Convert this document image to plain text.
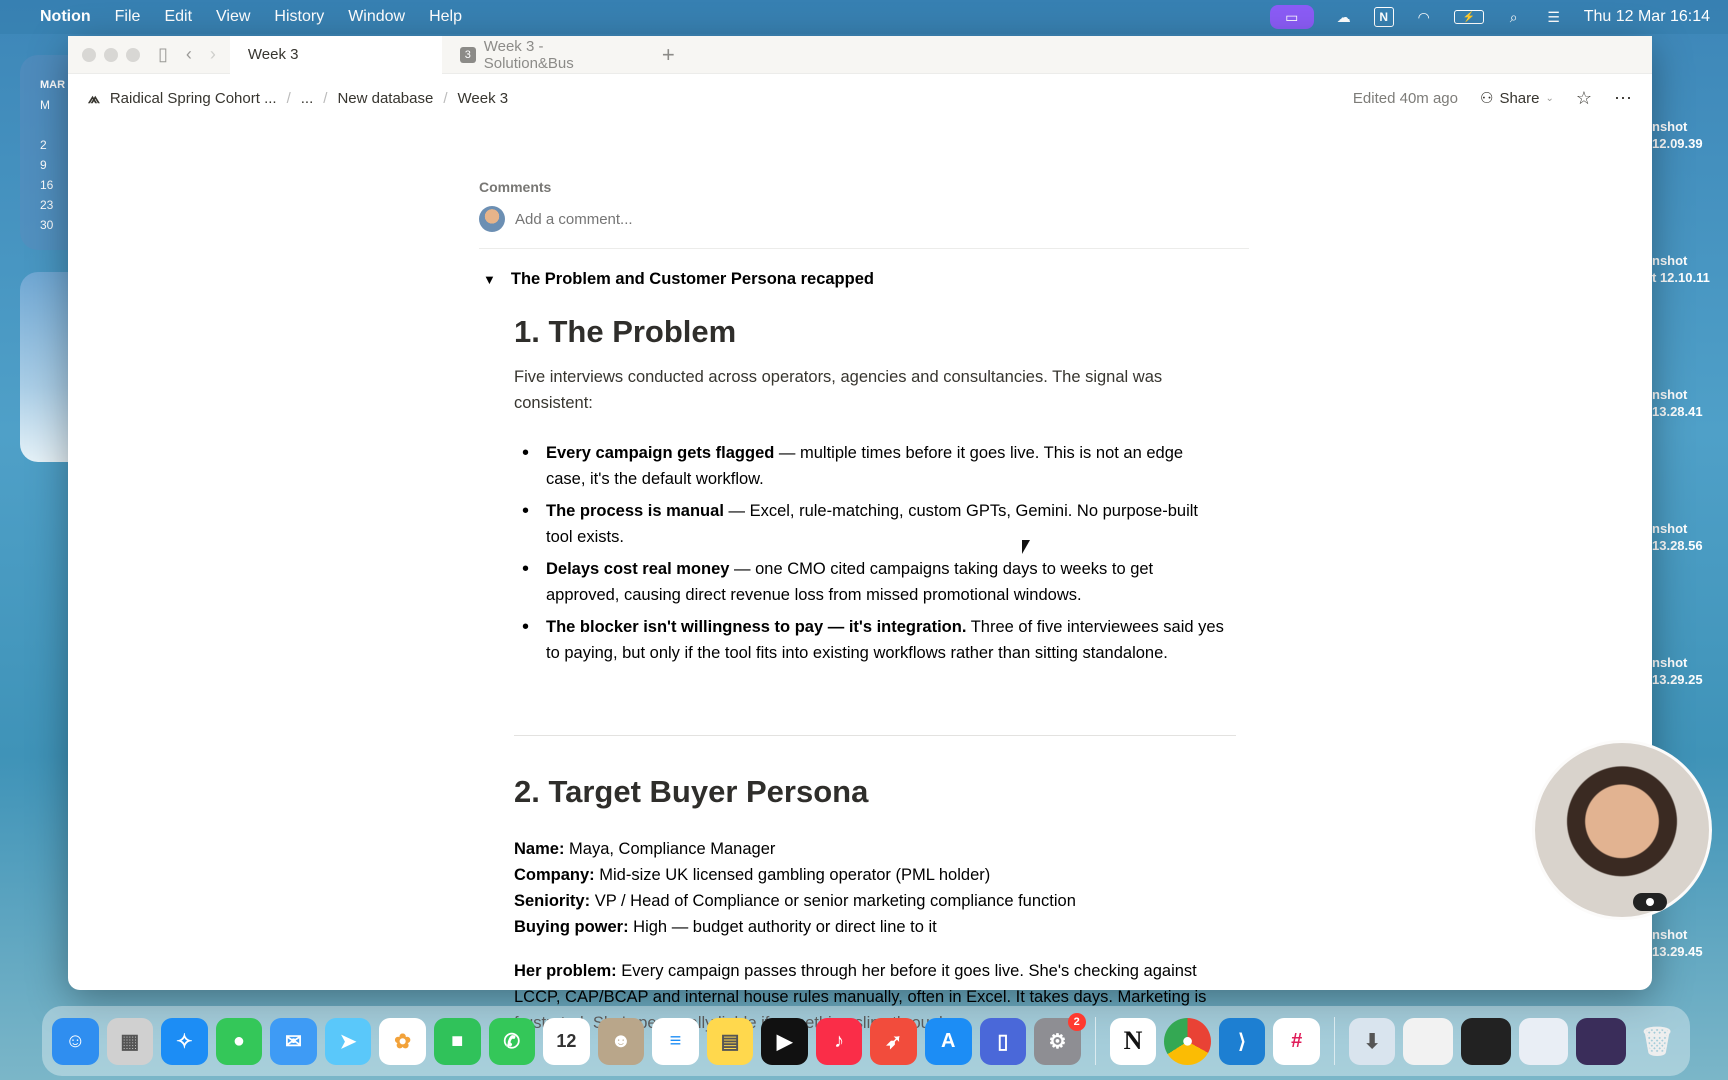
Notion File Edit View History Window Help	▭	☁	N	◠	⚡	⌕	☰ Thu 12 Mar 16:14
MAR
M

2
9
16
23
30
nshot
12.09.39
nshot
t 12.10.11
nshot
13.28.41
nshot
13.28.56
nshot
13.29.25
nshot
13.29.45
▯ ‹ › Week 3	3 Week 3 - Solution&Bus	+
⩕ Raidical Spring Cohort ... / ... / New database / Week 3	Edited 40m ago ⚇ Share ⌄ ☆ ⋯
Comments
Add a comment...
▼ The Problem and Customer Persona recapped
1. The Problem
Five interviews conducted across operators, agencies and consultancies. The signal was consistent:
• Every campaign gets flagged — multiple times before it goes live. This is not an edge case, it's the default workflow.
• The process is manual — Excel, rule-matching, custom GPTs, Gemini. No purpose-built tool exists.
• Delays cost real money — one CMO cited campaigns taking days to weeks to get approved, causing direct revenue loss from missed promotional windows.
• The blocker isn't willingness to pay — it's integration. Three of five interviewees said yes to paying, but only if the tool fits into existing workflows rather than sitting standalone.
2. Target Buyer Persona
Name: Maya, Compliance Manager
Company: Mid-size UK licensed gambling operator (PML holder)
Seniority: VP / Head of Compliance or senior marketing compliance function
Buying power: High — budget authority or direct line to it
Her problem: Every campaign passes through her before it goes live. She's checking against LCCP, CAP/BCAP and internal house rules manually, often in Excel. It takes days. Marketing is something through.
☺	▦	✧	●	✉	➤	✿	■	✆	12	☻	≡	▤	▶	♪	➶	A	▯	⚙
2
N	●	⟩	#	⬇	🗑
